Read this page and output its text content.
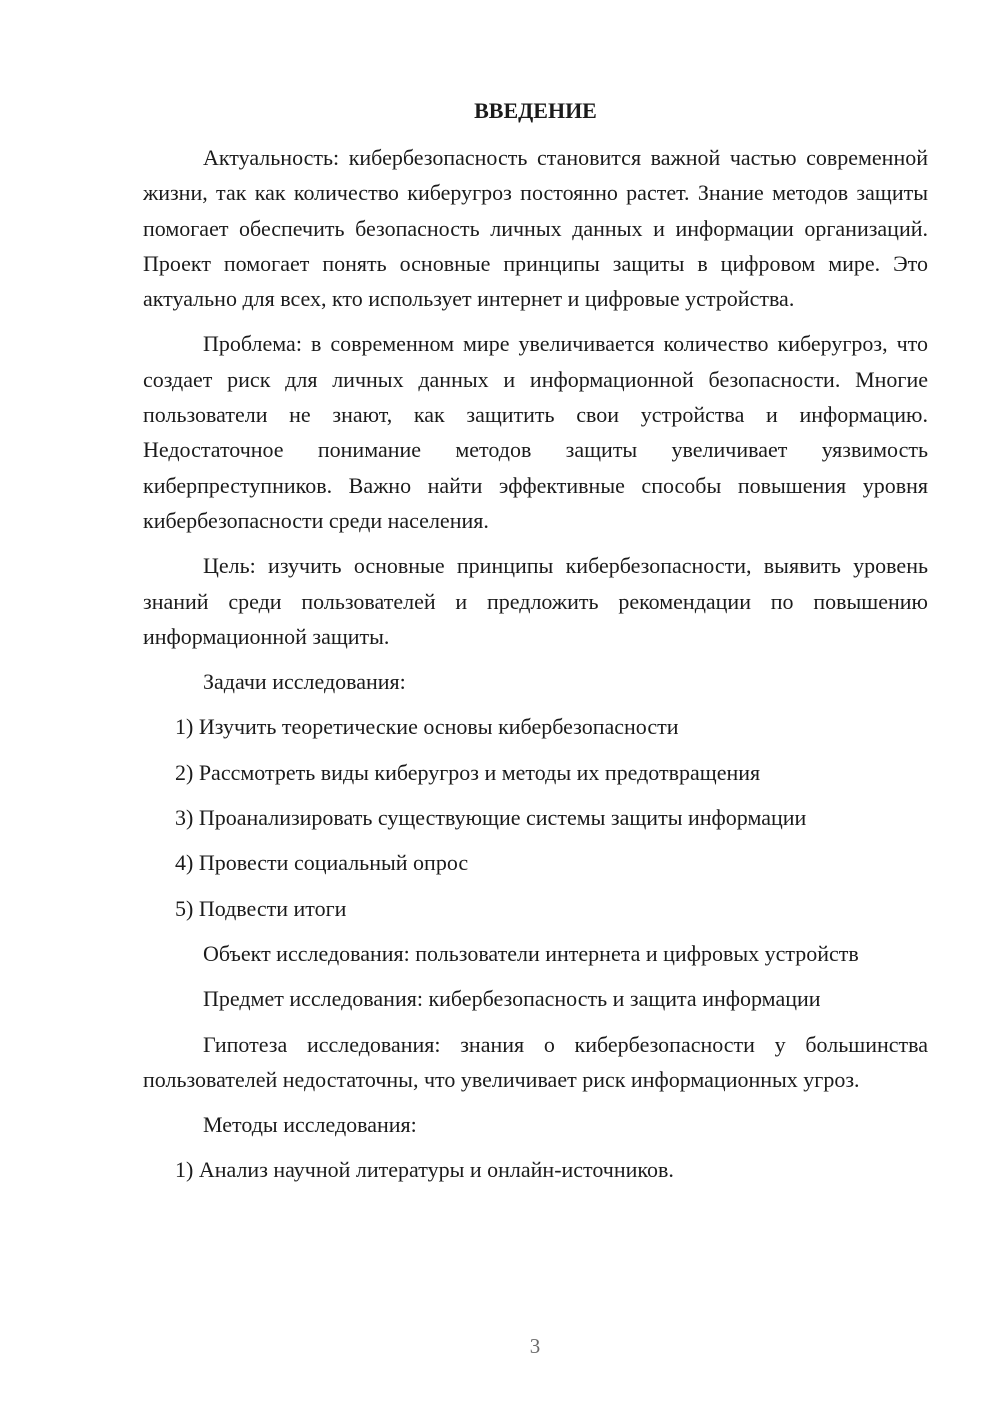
ВВЕДЕНИЕ

Актуальность: кибербезопасность становится важной частью современной жизни, так как количество киберугроз постоянно растет. Знание методов защиты помогает обеспечить безопасность личных данных и информации организаций. Проект помогает понять основные принципы защиты в цифровом мире. Это актуально для всех, кто использует интернет и цифровые устройства.

Проблема: в современном мире увеличивается количество киберугроз, что создает риск для личных данных и информационной безопасности. Многие пользователи не знают, как защитить свои устройства и информацию. Недостаточное понимание методов защиты увеличивает уязвимость киберпреступников. Важно найти эффективные способы повышения уровня кибербезопасности среди населения.

Цель: изучить основные принципы кибербезопасности, выявить уровень знаний среди пользователей и предложить рекомендации по повышению информационной защиты.

Задачи исследования:

1) Изучить теоретические основы кибербезопасности

2) Рассмотреть виды киберугроз и методы их предотвращения

3) Проанализировать существующие системы защиты информации

4) Провести социальный опрос

5) Подвести итоги

Объект исследования: пользователи интернета и цифровых устройств

Предмет исследования: кибербезопасность и защита информации

Гипотеза исследования: знания о кибербезопасности у большинства пользователей недостаточны, что увеличивает риск информационных угроз.

Методы исследования:

1) Анализ научной литературы и онлайн-источников.

3
